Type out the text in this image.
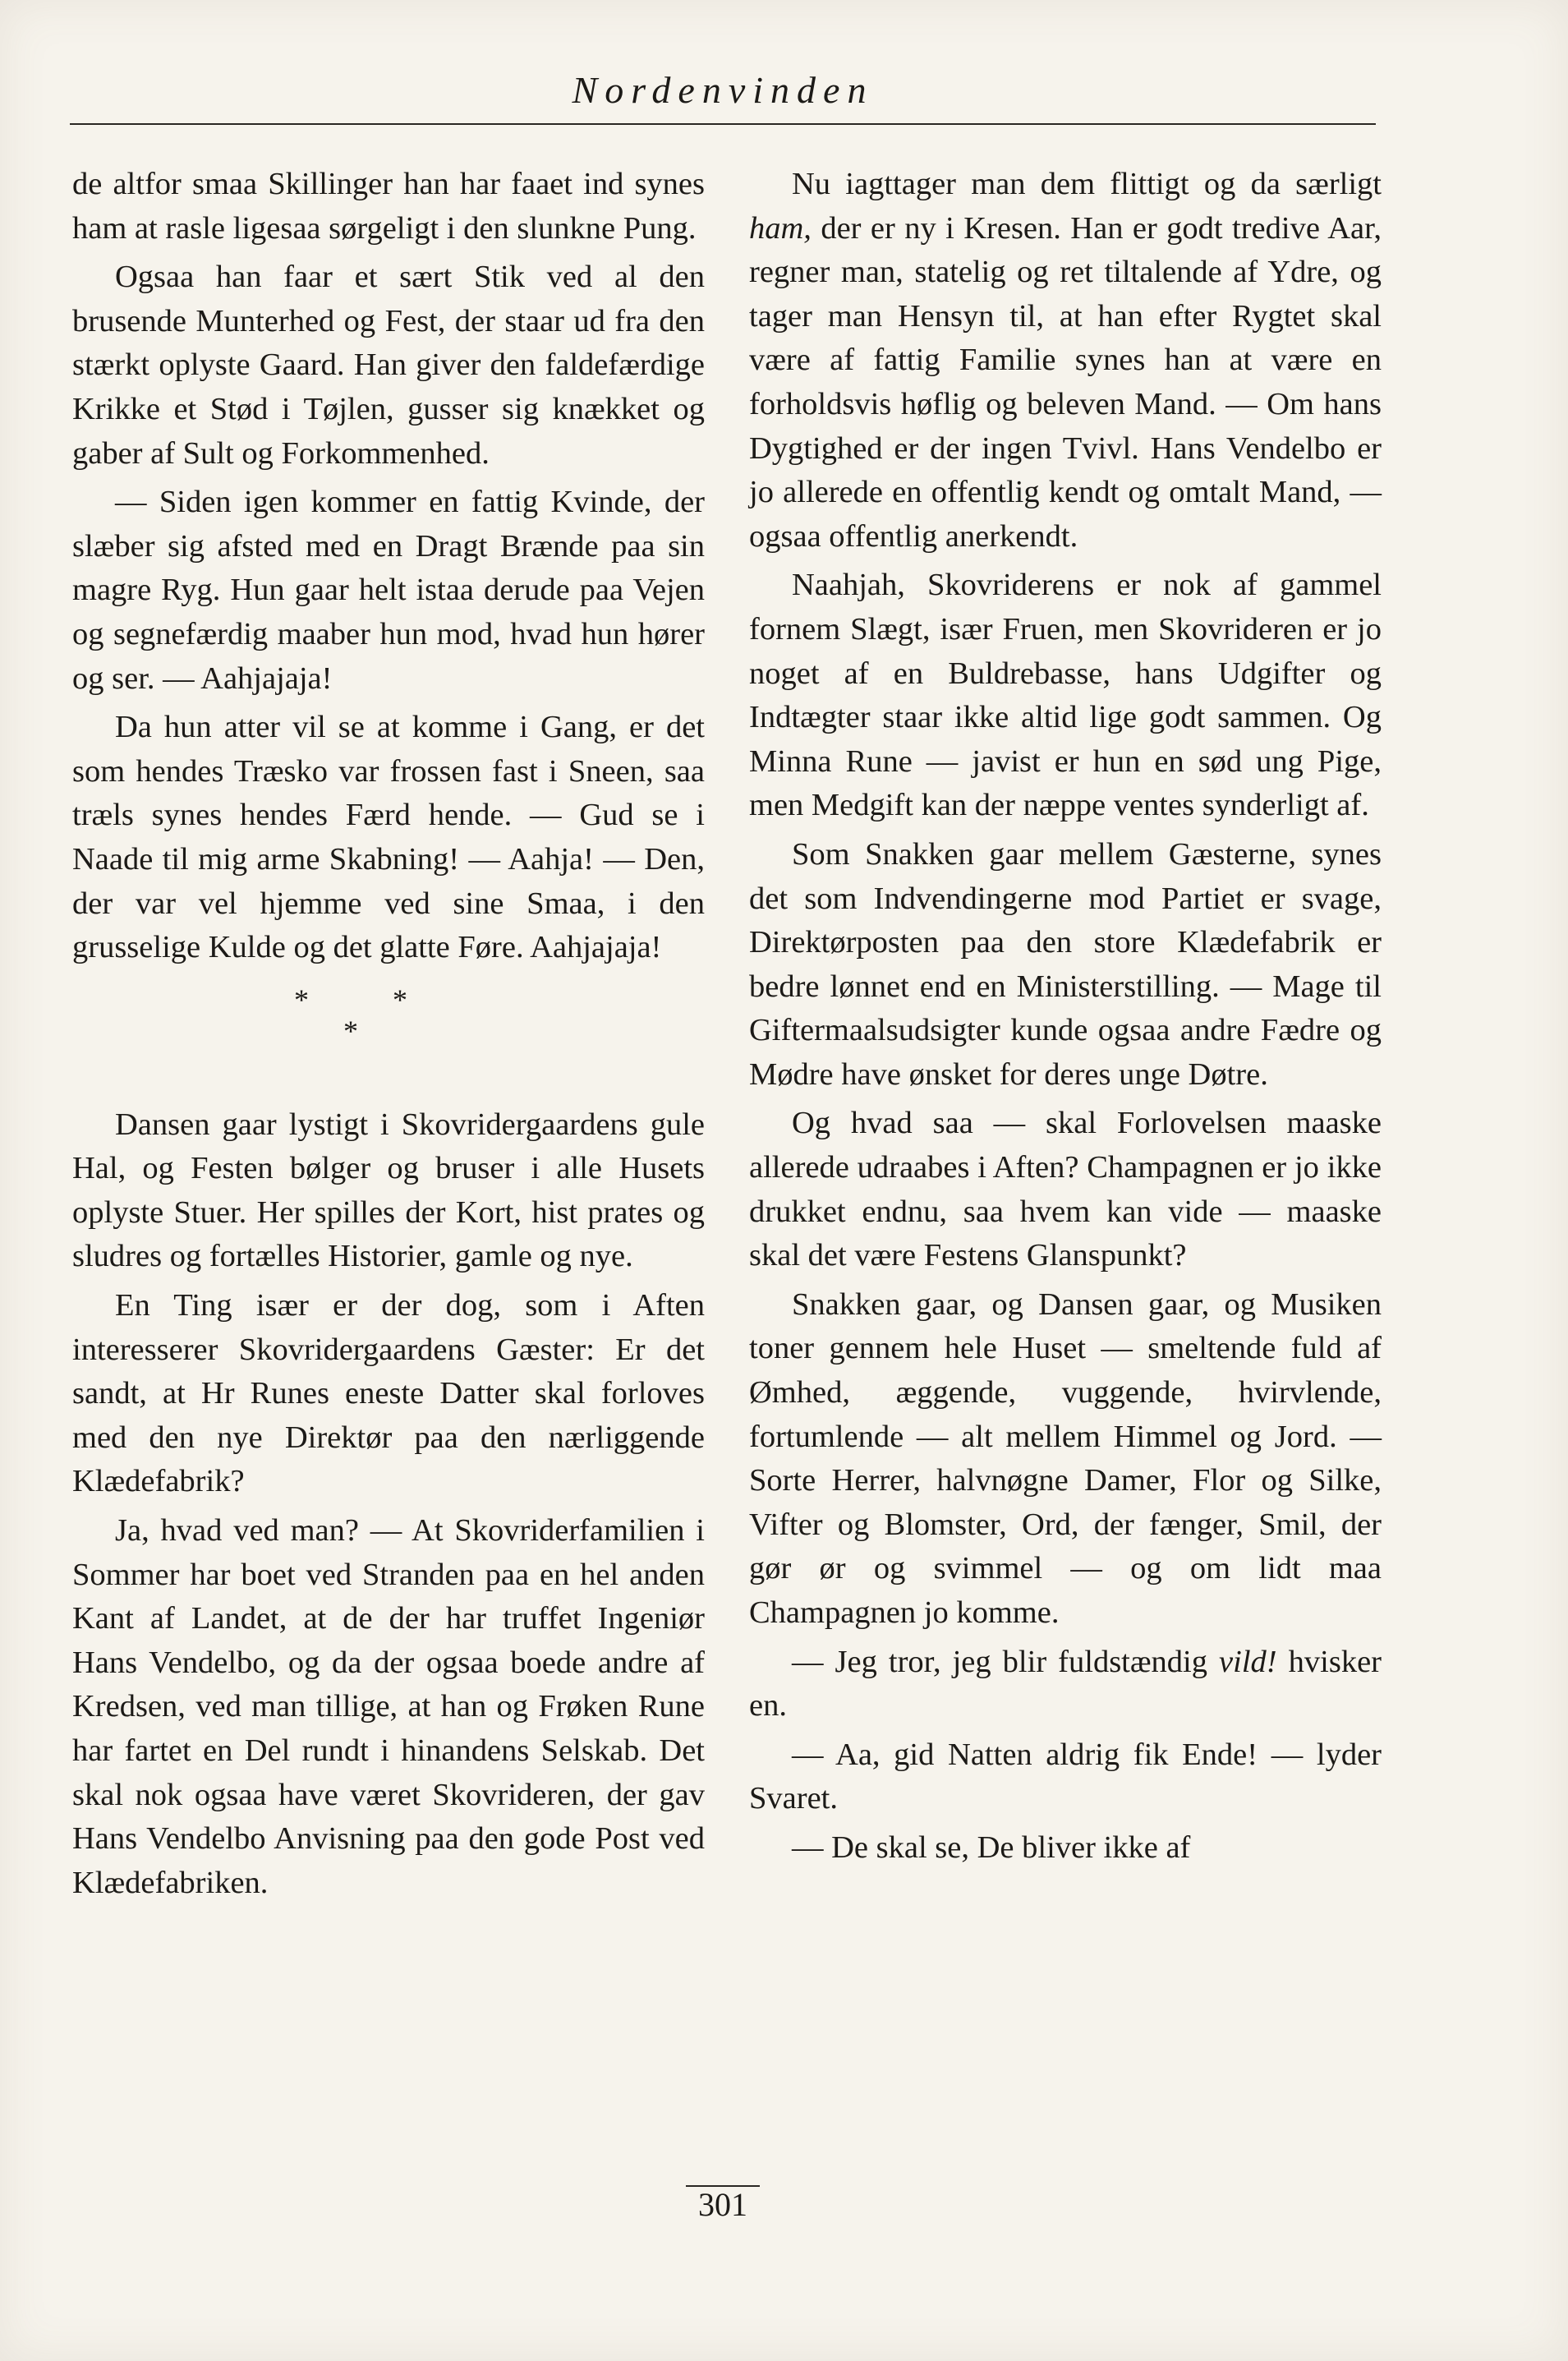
Nordenvinden

de altfor smaa Skillinger han har faaet ind synes ham at rasle ligesaa sørgeligt i den slunkne Pung.

Ogsaa han faar et sært Stik ved al den brusende Munterhed og Fest, der staar ud fra den stærkt oplyste Gaard. Han giver den faldefærdige Krikke et Stød i Tøjlen, gusser sig knækket og gaber af Sult og Forkommenhed.

— Siden igen kommer en fattig Kvinde, der slæber sig afsted med en Dragt Brænde paa sin magre Ryg. Hun gaar helt istaa derude paa Vejen og segnefærdig maaber hun mod, hvad hun hører og ser. — Aahjajaja!

Da hun atter vil se at komme i Gang, er det som hendes Træsko var frossen fast i Sneen, saa træls synes hendes Færd hende. — Gud se i Naade til mig arme Skabning! — Aahja! — Den, der var vel hjemme ved sine Smaa, i den grusselige Kulde og det glatte Føre. Aahjajaja!

*	*
*

Dansen gaar lystigt i Skovridergaardens gule Hal, og Festen bølger og bruser i alle Husets oplyste Stuer. Her spilles der Kort, hist prates og sludres og fortælles Historier, gamle og nye.

En Ting især er der dog, som i Aften interesserer Skovridergaardens Gæster: Er det sandt, at Hr Runes eneste Datter skal forloves med den nye Direktør paa den nærliggende Klædefabrik?

Ja, hvad ved man? — At Skovriderfamilien i Sommer har boet ved Stranden paa en hel anden Kant af Landet, at de der har truffet Ingeniør Hans Vendelbo, og da der ogsaa boede andre af Kredsen, ved man tillige, at han og Frøken Rune har fartet en Del rundt i hinandens Selskab. Det skal nok ogsaa have været Skovrideren, der gav Hans Vendelbo Anvisning paa den gode Post ved Klædefabriken.

Nu iagttager man dem flittigt og da særligt ham, der er ny i Kresen. Han er godt tredive Aar, regner man, statelig og ret tiltalende af Ydre, og tager man Hensyn til, at han efter Rygtet skal være af fattig Familie synes han at være en forholdsvis høflig og beleven Mand. — Om hans Dygtighed er der ingen Tvivl. Hans Vendelbo er jo allerede en offentlig kendt og omtalt Mand, — ogsaa offentlig anerkendt.

Naahjah, Skovriderens er nok af gammel fornem Slægt, især Fruen, men Skovrideren er jo noget af en Buldrebasse, hans Udgifter og Indtægter staar ikke altid lige godt sammen. Og Minna Rune — javist er hun en sød ung Pige, men Medgift kan der næppe ventes synderligt af.

Som Snakken gaar mellem Gæsterne, synes det som Indvendingerne mod Partiet er svage, Direktørposten paa den store Klædefabrik er bedre lønnet end en Ministerstilling. — Mage til Giftermaalsudsigter kunde ogsaa andre Fædre og Mødre have ønsket for deres unge Døtre.

Og hvad saa — skal Forlovelsen maaske allerede udraabes i Aften? Champagnen er jo ikke drukket endnu, saa hvem kan vide — maaske skal det være Festens Glanspunkt?

Snakken gaar, og Dansen gaar, og Musiken toner gennem hele Huset — smeltende fuld af Ømhed, æggende, vuggende, hvirvlende, fortumlende — alt mellem Himmel og Jord. — Sorte Herrer, halvnøgne Damer, Flor og Silke, Vifter og Blomster, Ord, der fænger, Smil, der gør ør og svimmel — og om lidt maa Champagnen jo komme.

— Jeg tror, jeg blir fuldstændig vild! hvisker en.

— Aa, gid Natten aldrig fik Ende! — lyder Svaret.

— De skal se, De bliver ikke af

301
